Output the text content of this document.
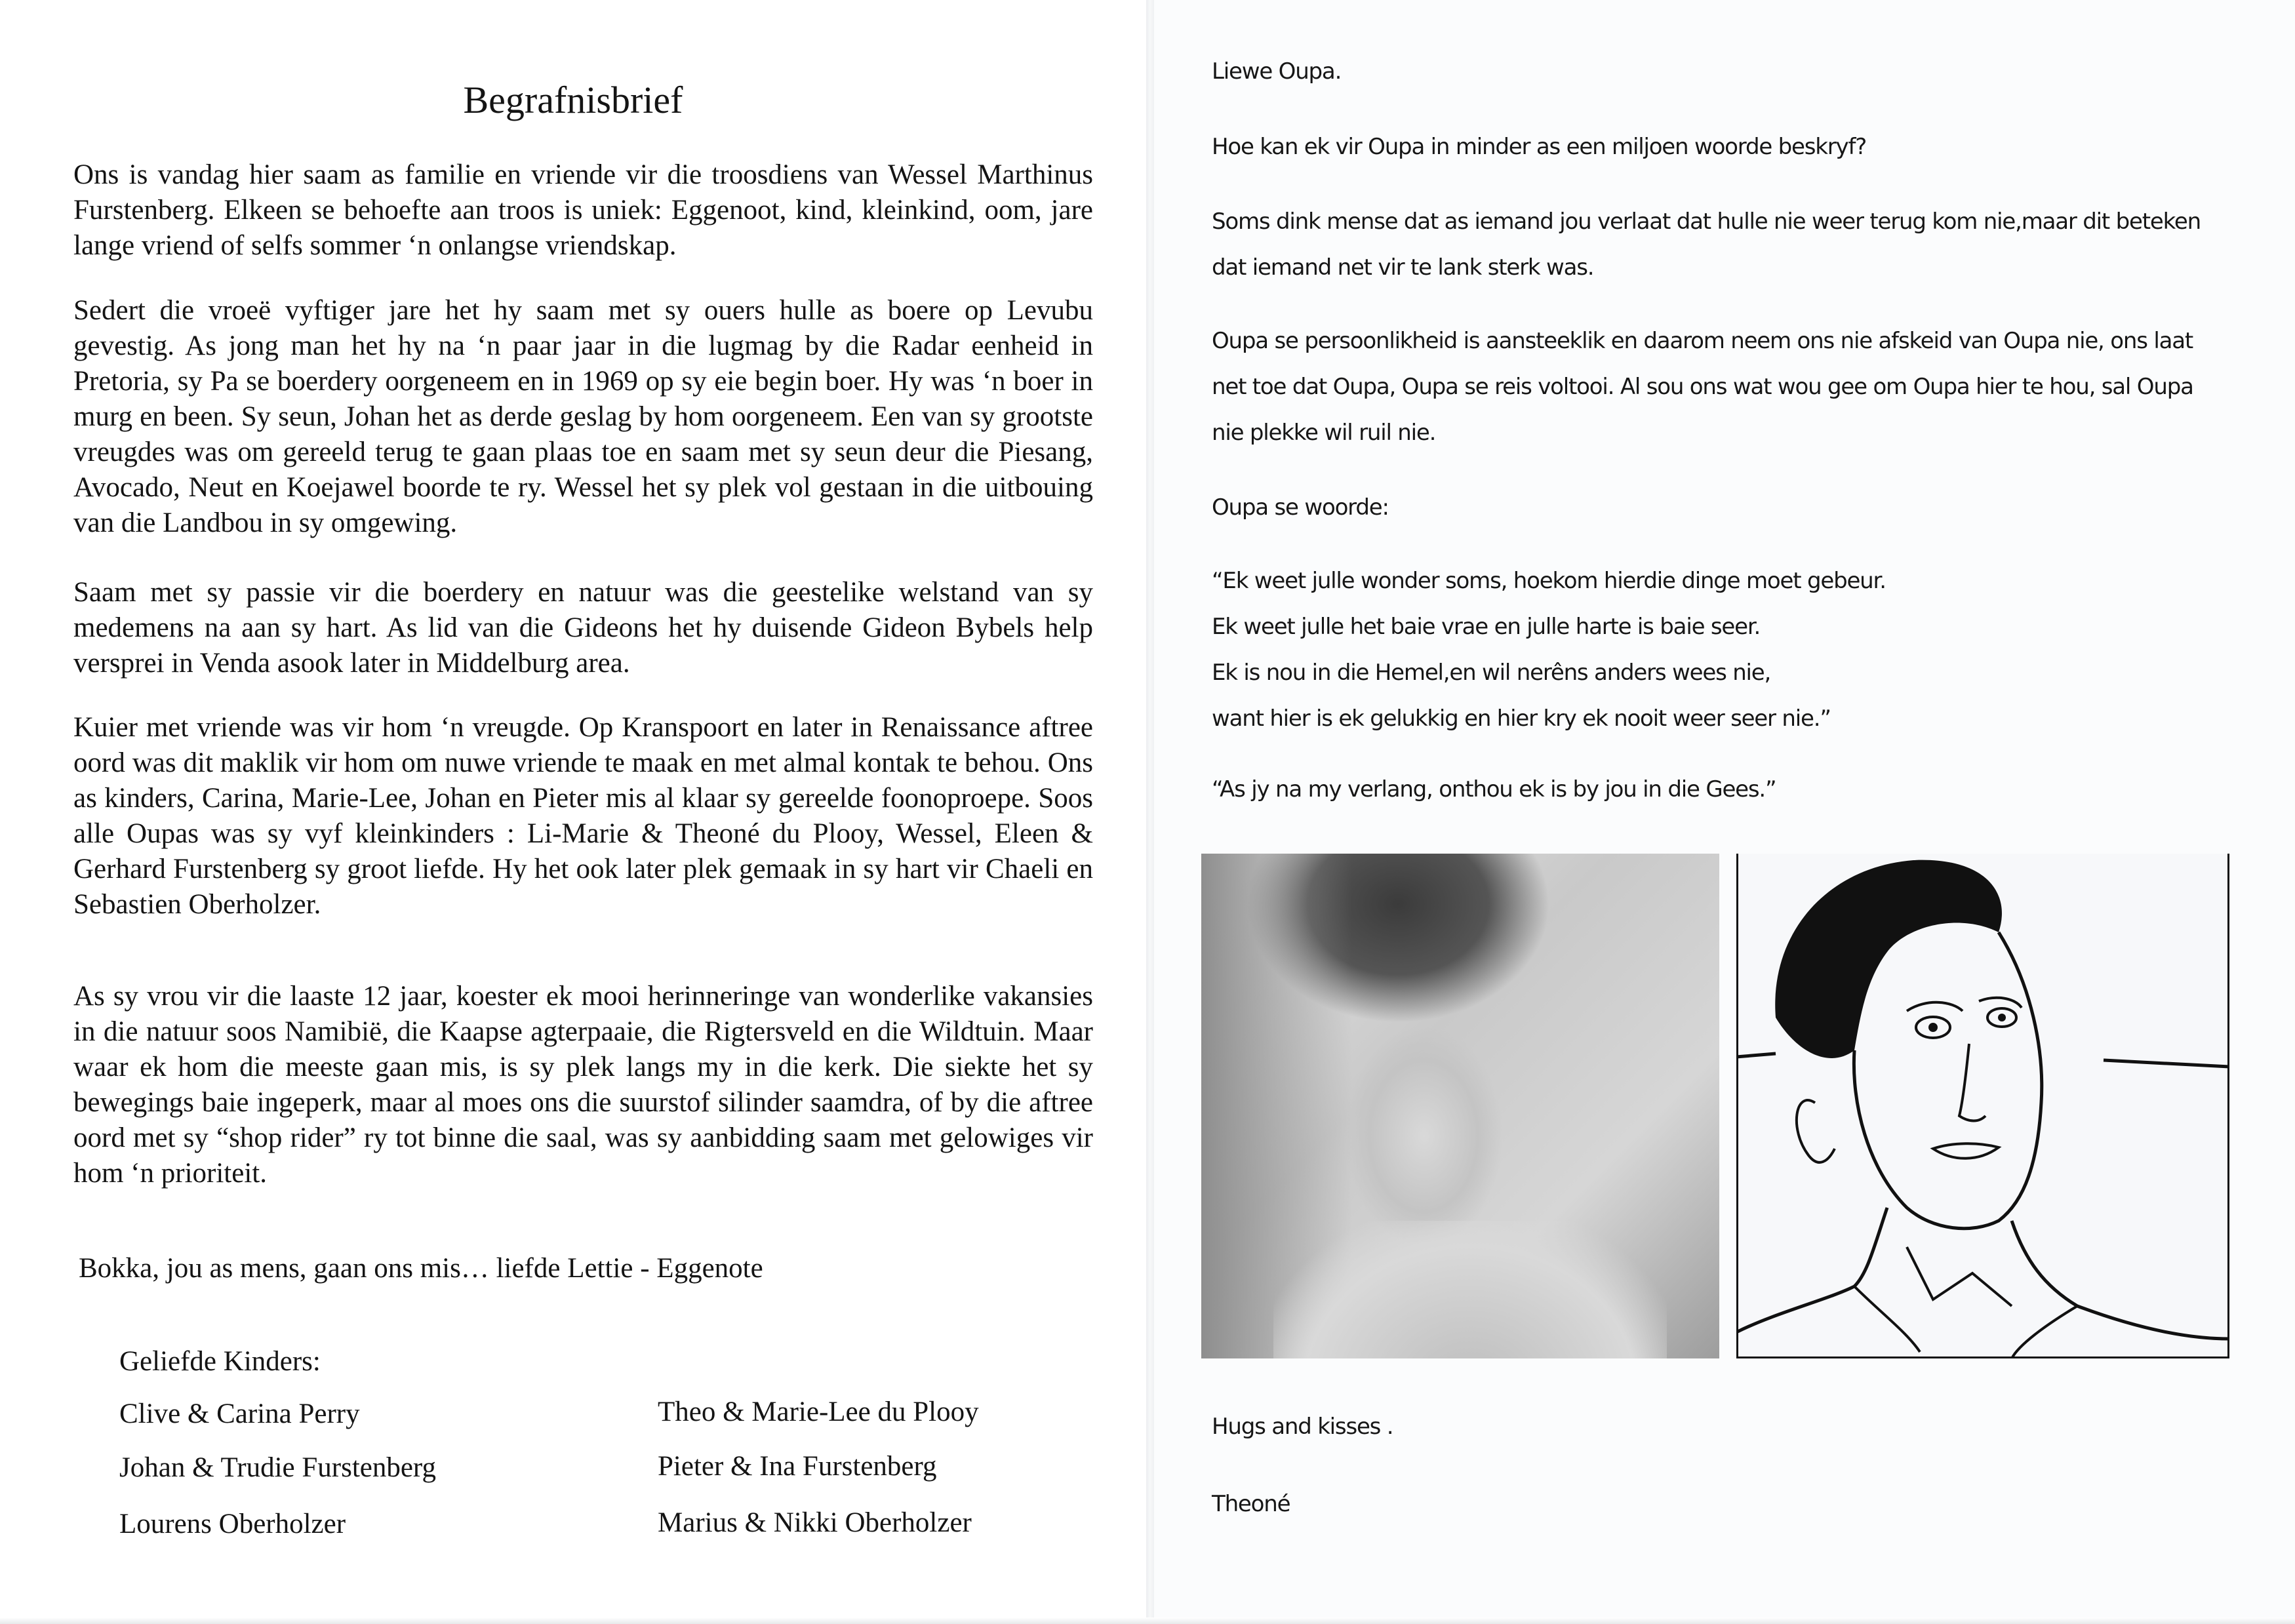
Begrafnisbrief

Ons is vandag hier saam as familie en vriende vir die troosdiens van Wessel Marthinus Furstenberg. Elkeen se behoefte aan troos is uniek: Eggenoot, kind, kleinkind, oom, jare lange vriend of selfs sommer ‘n onlangse vriendskap.

Sedert die vroeë vyftiger jare het hy saam met sy ouers hulle as boere op Levubu gevestig. As jong man het hy na ‘n paar jaar in die lugmag by die Radar eenheid in Pretoria, sy Pa se boerdery oorgeneem en in 1969 op sy eie begin boer. Hy was ‘n boer in murg en been. Sy seun, Johan het as derde geslag by hom oorgeneem. Een van sy grootste vreugdes was om gereeld terug te gaan plaas toe en saam met sy seun deur die Piesang, Avocado, Neut en Koejawel boorde te ry. Wessel het sy plek vol gestaan in die uitbouing van die Landbou in sy omgewing.

Saam met sy passie vir die boerdery en natuur was die geestelike welstand van sy medemens na aan sy hart. As lid van die Gideons het hy duisende Gideon Bybels help versprei in Venda asook later in Middelburg area.

Kuier met vriende was vir hom ‘n vreugde. Op Kranspoort en later in Renaissance aftree oord was dit maklik vir hom om nuwe vriende te maak en met almal kontak te behou. Ons as kinders, Carina, Marie-Lee, Johan en Pieter mis al klaar sy gereelde foonoproepe. Soos alle Oupas was sy vyf kleinkinders : Li-Marie & Theoné du Plooy, Wessel, Eleen & Gerhard Furstenberg sy groot liefde. Hy het ook later plek gemaak in sy hart vir Chaeli en Sebastien Oberholzer.

As sy vrou vir die laaste 12 jaar, koester ek mooi herinneringe van wonderlike vakansies in die natuur soos Namibië, die Kaapse agterpaaie, die Rigtersveld en die Wildtuin. Maar waar ek hom die meeste gaan mis, is sy plek langs my in die kerk. Die siekte het sy bewegings baie ingeperk, maar al moes ons die suurstof silinder saamdra, of by die aftree oord met sy “shop rider” ry tot binne die saal, was sy aanbidding saam met gelowiges vir hom ‘n prioriteit.

Bokka, jou as mens, gaan ons mis… liefde Lettie - Eggenote

Geliefde Kinders:
Clive & Carina Perry
Johan & Trudie Furstenberg
Lourens Oberholzer
Theo & Marie-Lee du Plooy
Pieter & Ina Furstenberg
Marius & Nikki Oberholzer

Liewe Oupa.

Hoe kan ek vir Oupa in minder as een miljoen woorde beskryf?

Soms dink mense dat as iemand jou verlaat dat hulle nie weer terug kom nie,maar dit beteken

dat iemand net vir te lank sterk was.

Oupa se persoonlikheid is aansteeklik en daarom neem ons nie afskeid van Oupa nie, ons laat

net toe dat Oupa, Oupa se reis voltooi. Al sou ons wat wou gee om Oupa hier te hou, sal Oupa

nie plekke wil ruil nie.

Oupa se woorde:

“Ek weet julle wonder soms, hoekom hierdie dinge moet gebeur.

Ek weet julle het baie vrae en julle harte is baie seer.

Ek is nou in die Hemel,en wil nerêns anders wees nie,

want hier is ek gelukkig en hier kry ek nooit weer seer nie.”

“As jy na my verlang, onthou ek is by jou in die Gees.”

Hugs and kisses .

Theoné
